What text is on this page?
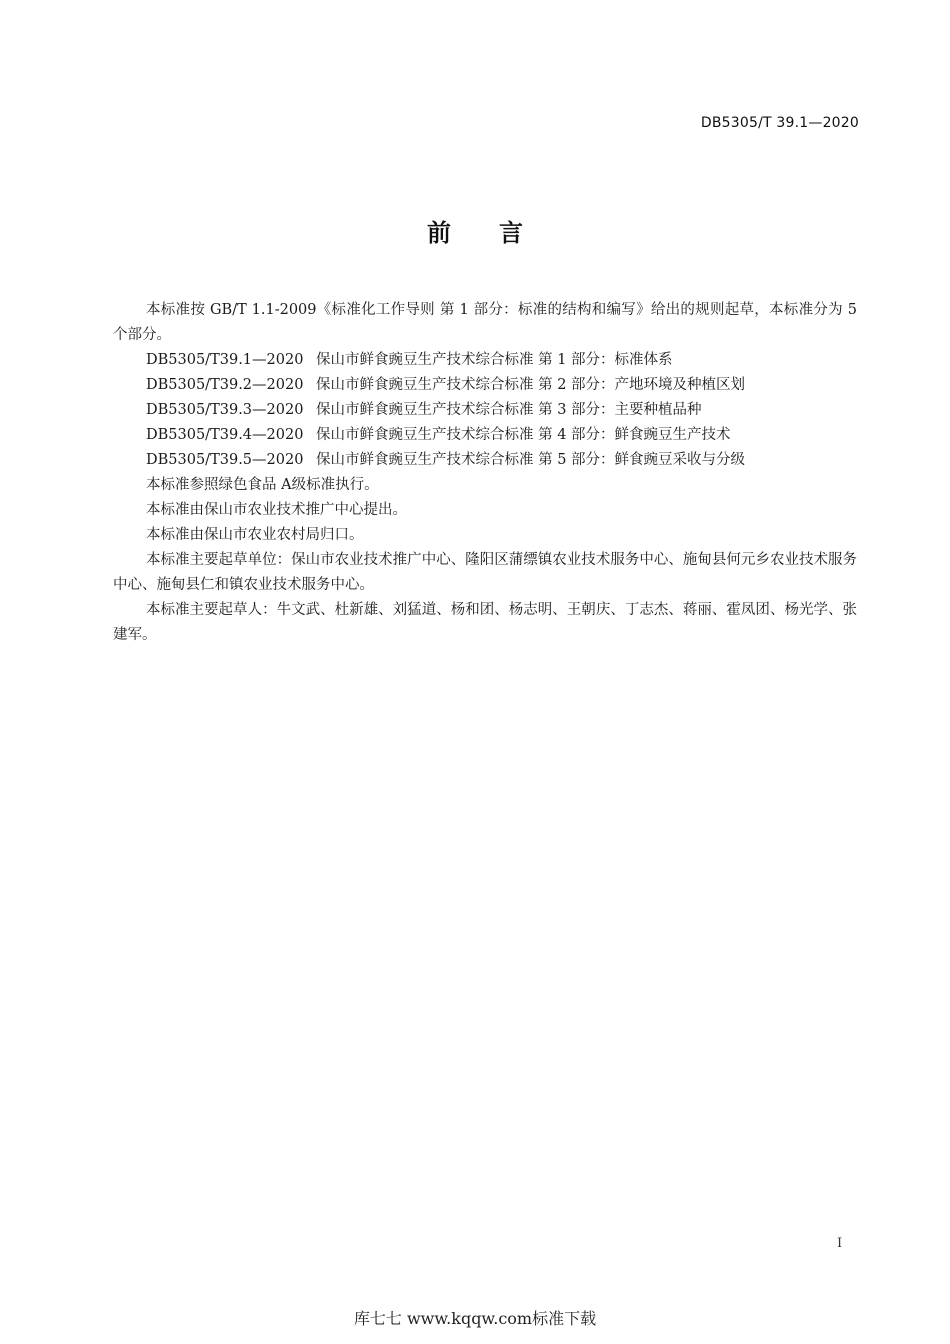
DB5305/T 39.1—2020
前 言

本标准按 GB/T 1.1-2009《标准化工作导则 第 1 部分：标准的结构和编写》给出的规则起草，本标准分为 5 个部分。

DB5305/T39.1—2020 保山市鲜食豌豆生产技术综合标准 第 1 部分：标准体系

DB5305/T39.2—2020 保山市鲜食豌豆生产技术综合标准 第 2 部分：产地环境及种植区划

DB5305/T39.3—2020 保山市鲜食豌豆生产技术综合标准 第 3 部分：主要种植品种

DB5305/T39.4—2020 保山市鲜食豌豆生产技术综合标准 第 4 部分：鲜食豌豆生产技术

DB5305/T39.5—2020 保山市鲜食豌豆生产技术综合标准 第 5 部分：鲜食豌豆采收与分级

本标准参照绿色食品 A级标准执行。

本标准由保山市农业技术推广中心提出。

本标准由保山市农业农村局归口。

本标准主要起草单位：保山市农业技术推广中心、隆阳区蒲缥镇农业技术服务中心、施甸县何元乡农业技术服务中心、施甸县仁和镇农业技术服务中心。

本标准主要起草人：牛文武、杜新雄、刘猛道、杨和团、杨志明、王朝庆、丁志杰、蒋丽、霍凤团、杨光学、张建军。

I
库七七 www.kqqw.com标准下载
